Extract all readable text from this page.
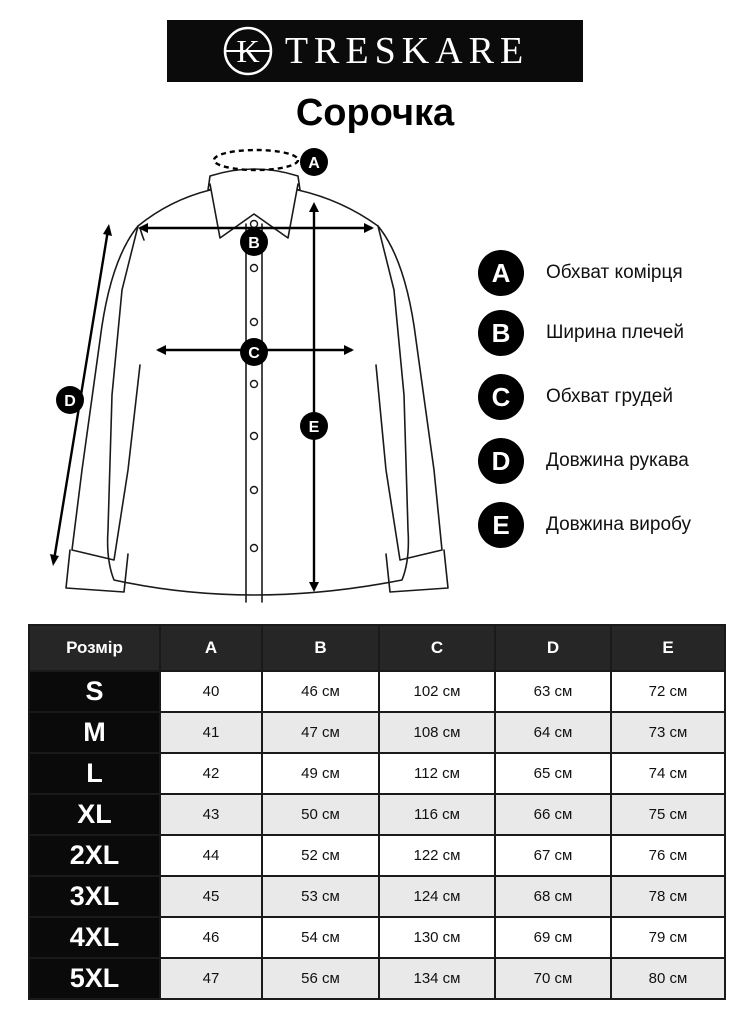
K TRESKARE
Сорочка
A
B
C
D
E
A	Обхват комірця
B	Ширина плечей
C	Обхват грудей
D	Довжина рукава
E	Довжина виробу
Розмір	A	B	C	D	E
S	40	46 см	102 см	63 см	72 см
M	41	47 см	108 см	64 см	73 см
L	42	49 см	112 см	65 см	74 см
XL	43	50 см	116 см	66 см	75 см
2XL	44	52 см	122 см	67 см	76 см
3XL	45	53 см	124 см	68 см	78 см
4XL	46	54 см	130 см	69 см	79 см
5XL	47	56 см	134 см	70 см	80 см
